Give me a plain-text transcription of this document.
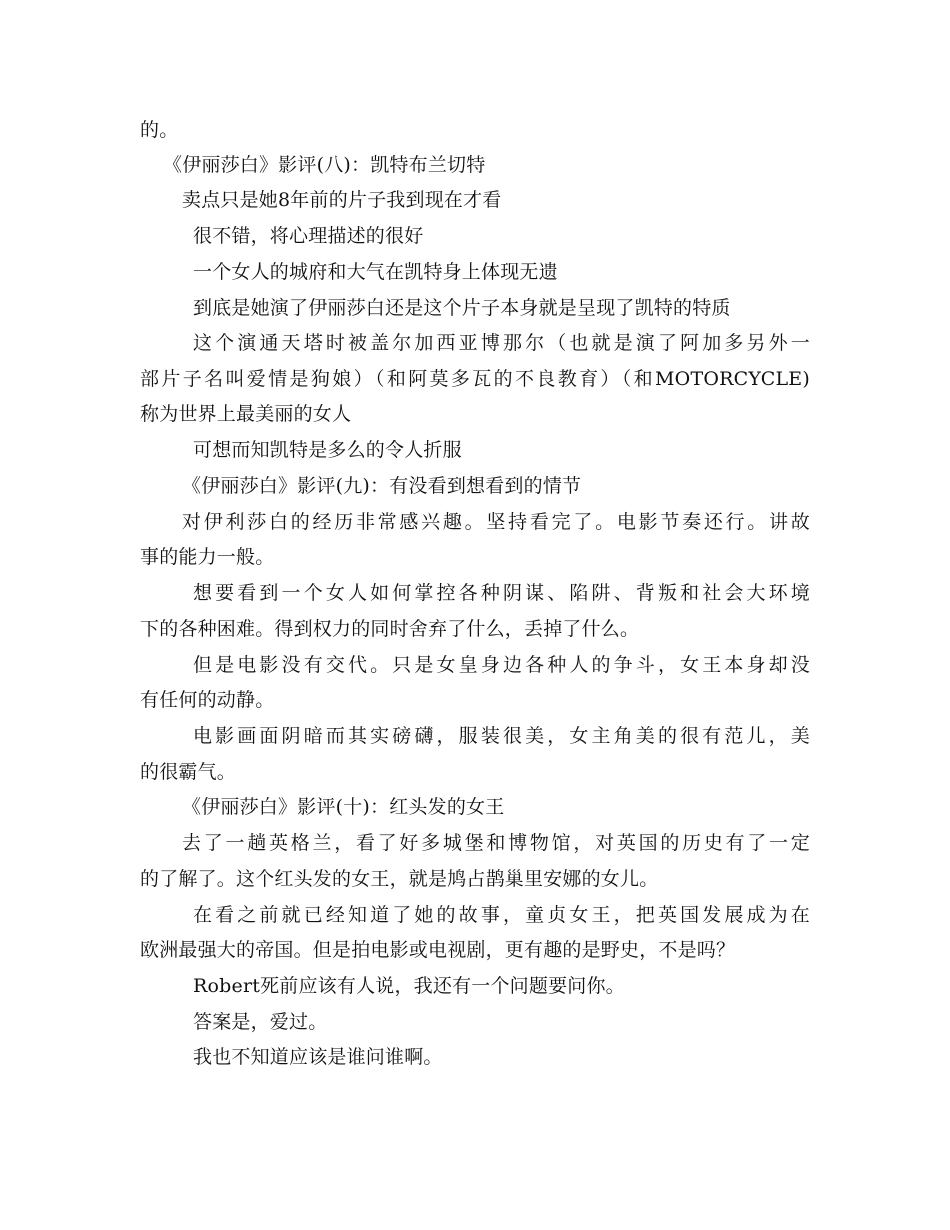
的。
《伊丽莎白》影评(八)：凯特布兰切特
卖点只是她8年前的片子我到现在才看
很不错，将心理描述的很好
一个女人的城府和大气在凯特身上体现无遗
到底是她演了伊丽莎白还是这个片子本身就是呈现了凯特的特质
这个演通天塔时被盖尔加西亚博那尔（也就是演了阿加多另外一
部片子名叫爱情是狗娘）（和阿莫多瓦的不良教育）（和MOTORCYCLE)
称为世界上最美丽的女人
可想而知凯特是多么的令人折服
《伊丽莎白》影评(九)：有没看到想看到的情节
对伊利莎白的经历非常感兴趣。坚持看完了。电影节奏还行。讲故
事的能力一般。
想要看到一个女人如何掌控各种阴谋、陷阱、背叛和社会大环境
下的各种困难。得到权力的同时舍弃了什么，丢掉了什么。
但是电影没有交代。只是女皇身边各种人的争斗，女王本身却没
有任何的动静。
电影画面阴暗而其实磅礴，服装很美，女主角美的很有范儿，美
的很霸气。
《伊丽莎白》影评(十)：红头发的女王
去了一趟英格兰，看了好多城堡和博物馆，对英国的历史有了一定
的了解了。这个红头发的女王，就是鸠占鹊巢里安娜的女儿。
在看之前就已经知道了她的故事，童贞女王，把英国发展成为在
欧洲最强大的帝国。但是拍电影或电视剧，更有趣的是野史，不是吗？
Robert死前应该有人说，我还有一个问题要问你。
答案是，爱过。
我也不知道应该是谁问谁啊。
